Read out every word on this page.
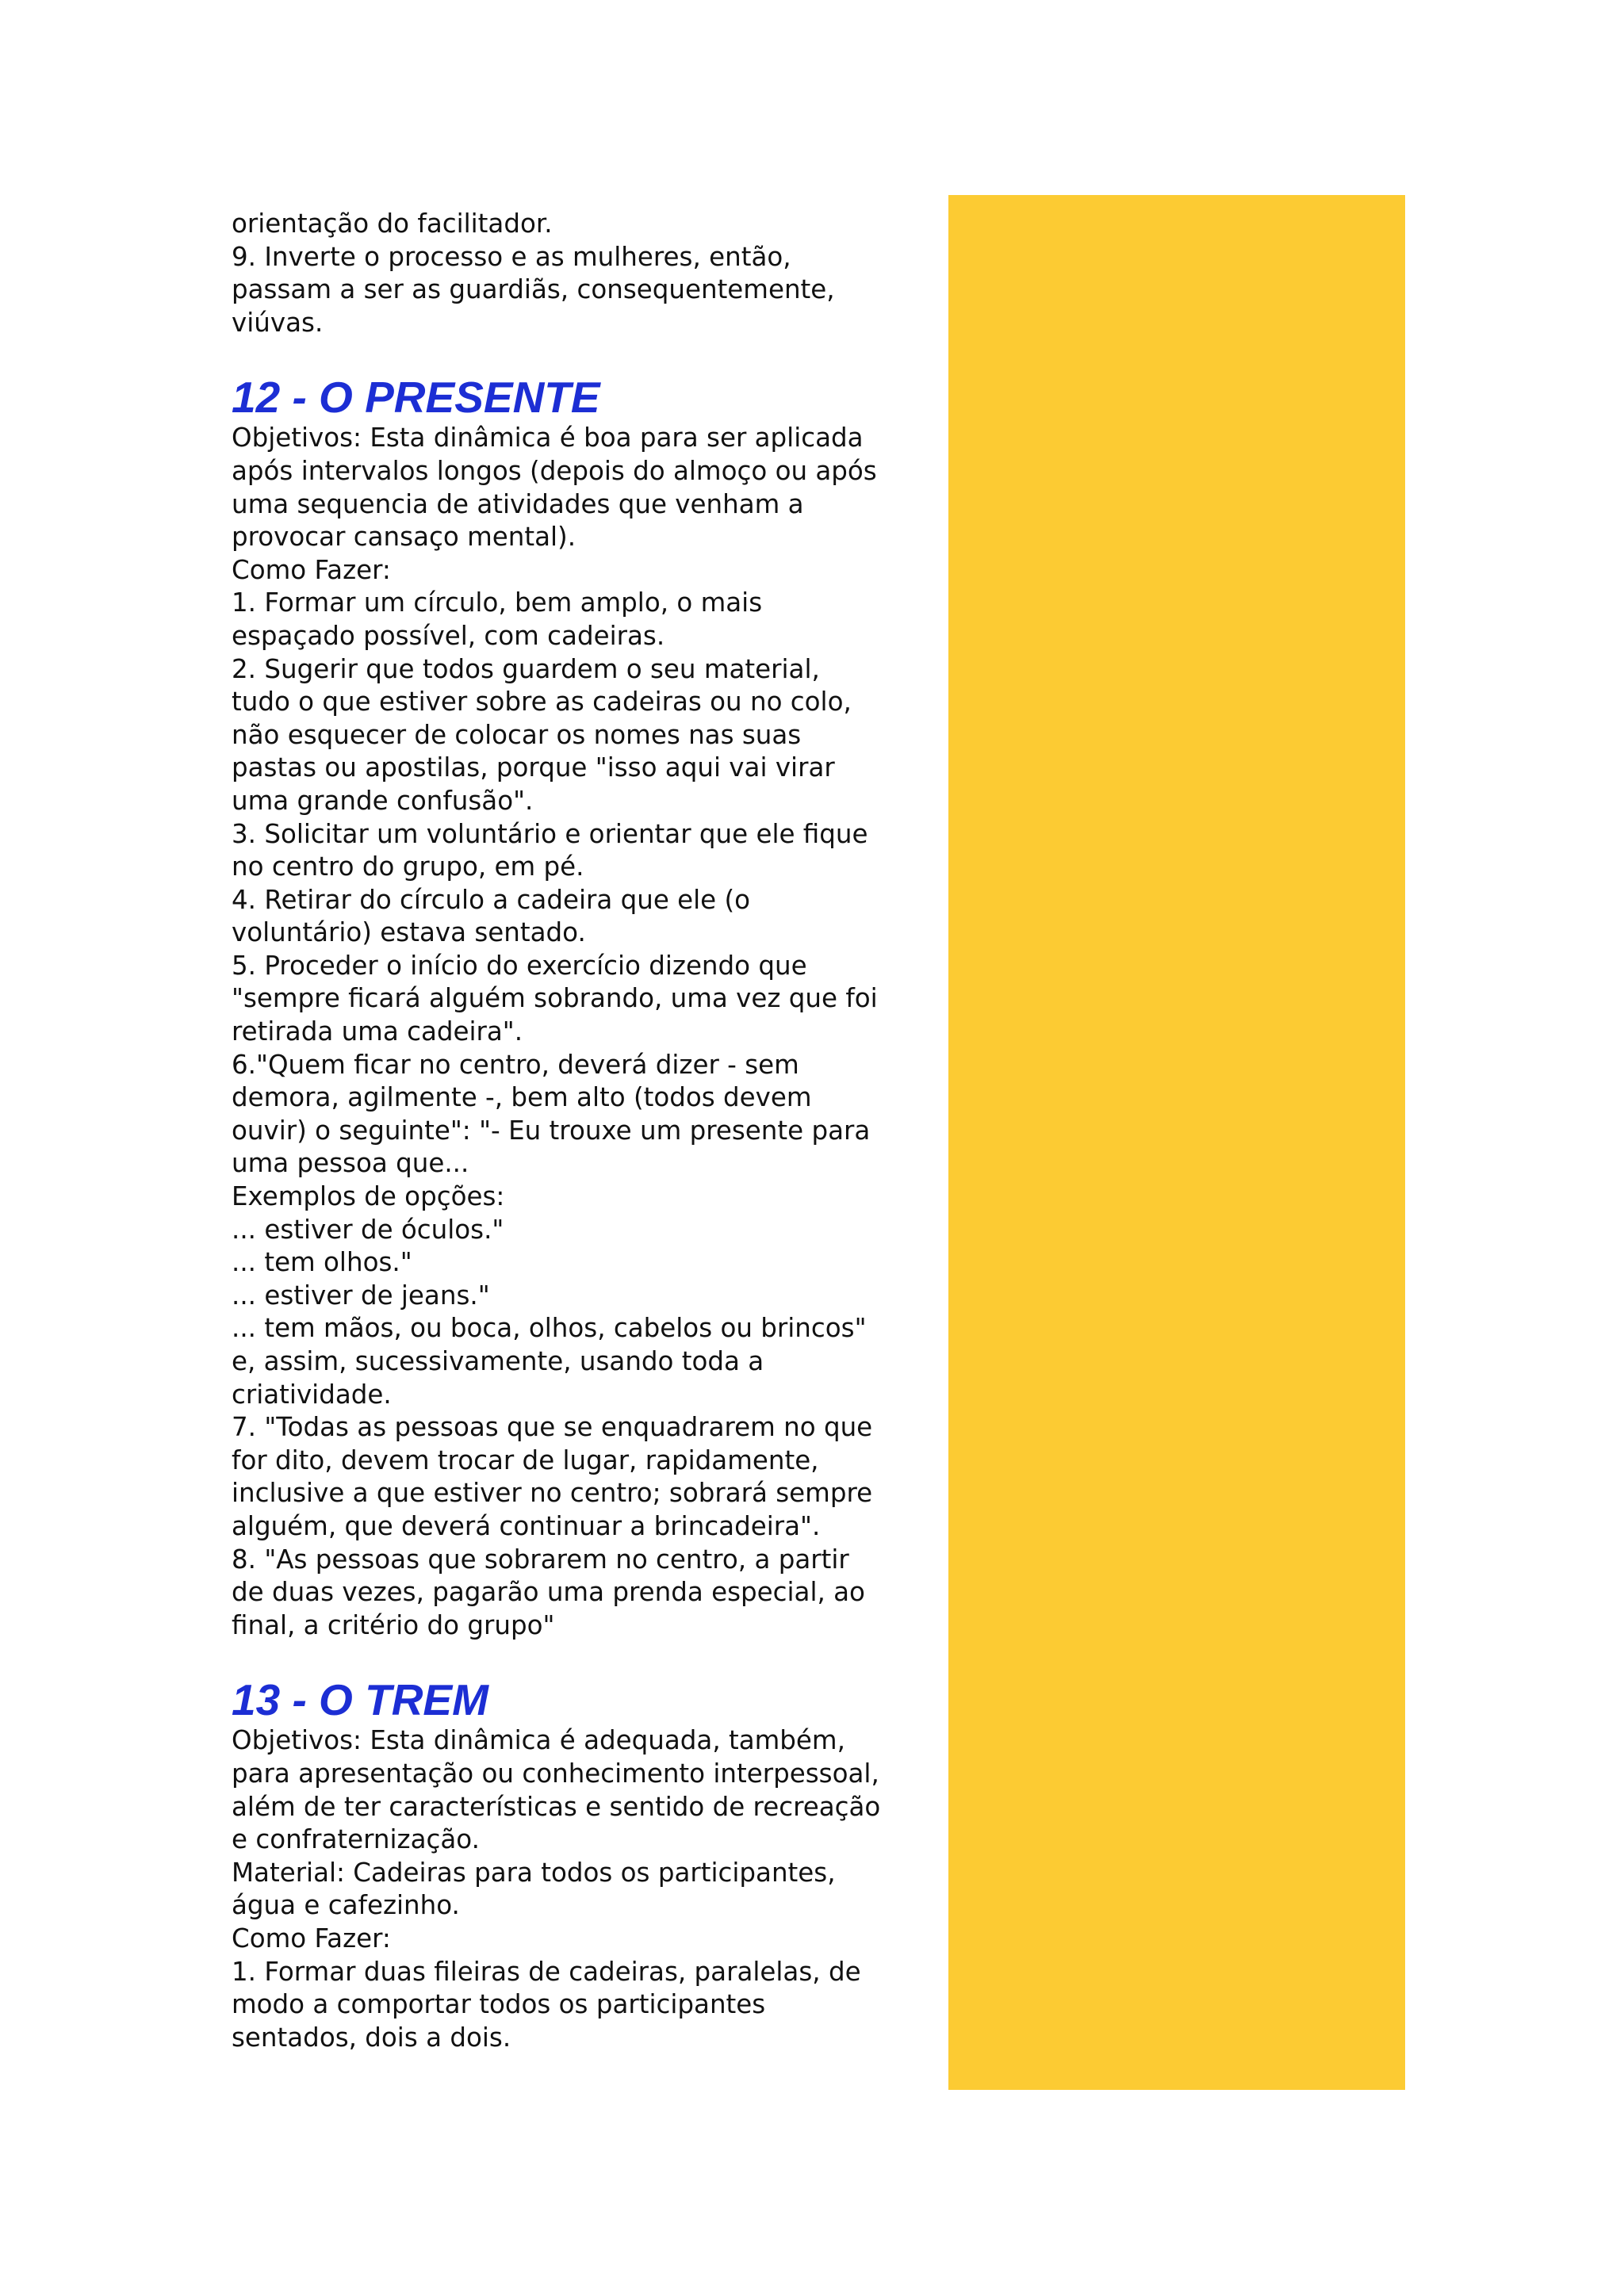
orientação do facilitador.
9. Inverte o processo e as mulheres, então,
passam a ser as guardiãs, consequentemente,
viúvas.
12 - O PRESENTE
Objetivos: Esta dinâmica é boa para ser aplicada
após intervalos longos (depois do almoço ou após
uma sequencia de atividades que venham a
provocar cansaço mental).
Como Fazer:
1. Formar um círculo, bem amplo, o mais
espaçado possível, com cadeiras.
2. Sugerir que todos guardem o seu material,
tudo o que estiver sobre as cadeiras ou no colo,
não esquecer de colocar os nomes nas suas
pastas ou apostilas, porque "isso aqui vai virar
uma grande confusão".
3. Solicitar um voluntário e orientar que ele fique
no centro do grupo, em pé.
4. Retirar do círculo a cadeira que ele (o
voluntário) estava sentado.
5. Proceder o início do exercício dizendo que
"sempre ficará alguém sobrando, uma vez que foi
retirada uma cadeira".
6."Quem ficar no centro, deverá dizer - sem
demora, agilmente -, bem alto (todos devem
ouvir) o seguinte": "- Eu trouxe um presente para
uma pessoa que...
Exemplos de opções:
... estiver de óculos."
... tem olhos."
... estiver de jeans."
... tem mãos, ou boca, olhos, cabelos ou brincos"
e, assim, sucessivamente, usando toda a
criatividade.
7. "Todas as pessoas que se enquadrarem no que
for dito, devem trocar de lugar, rapidamente,
inclusive a que estiver no centro; sobrará sempre
alguém, que deverá continuar a brincadeira".
8. "As pessoas que sobrarem no centro, a partir
de duas vezes, pagarão uma prenda especial, ao
final, a critério do grupo"
13 - O TREM
Objetivos: Esta dinâmica é adequada, também,
para apresentação ou conhecimento interpessoal,
além de ter características e sentido de recreação
e confraternização.
Material: Cadeiras para todos os participantes,
água e cafezinho.
Como Fazer:
1. Formar duas fileiras de cadeiras, paralelas, de
modo a comportar todos os participantes
sentados, dois a dois.
